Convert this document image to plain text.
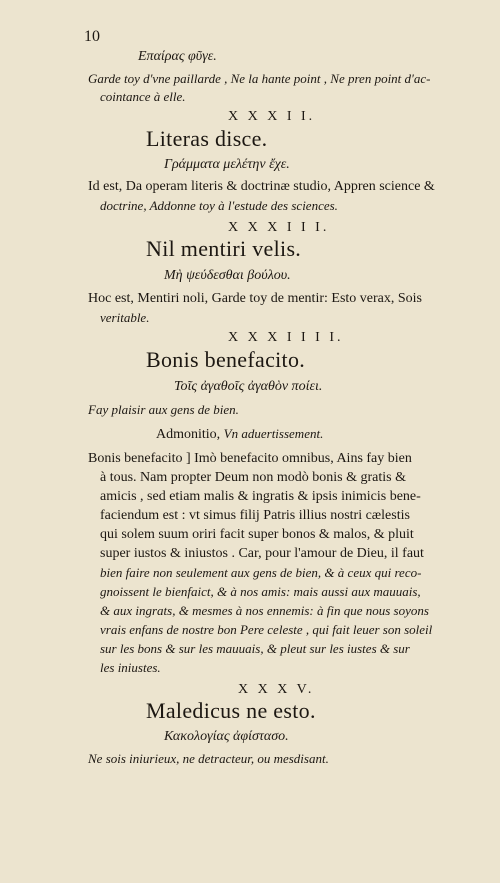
10
Επαίρας φῦγε.
Garde toy d'vne paillarde , Ne la hante point , Ne pren point d'ac-
cointance à elle.
X X X I I.
Literas disce.
Γράμματα μελέτην ἔχε.
Id est, Da operam literis & doctrinæ studio, Appren science &
doctrine, Addonne toy à l'estude des sciences.
X X X I I I.
Nil mentiri velis.
Μὴ ψεύδεσθαι βούλου.
Hoc est, Mentiri noli, Garde toy de mentir: Esto verax, Sois
veritable.
X X X I I I I.
Bonis benefacito.
Τοῖς ἀγαθοῖς ἀγαθὸν ποίει.
Fay plaisir aux gens de bien.
Admonitio, Vn aduertissement.
Bonis benefacito ] Imò benefacito omnibus, Ains fay bien
à tous. Nam propter Deum non modò bonis & gratis &
amicis , sed etiam malis & ingratis & ipsis inimicis bene-
faciendum est : vt simus filij Patris illius nostri cælestis
qui solem suum oriri facit super bonos & malos, & pluit
super iustos & iniustos . Car, pour l'amour de Dieu, il faut
bien faire non seulement aux gens de bien, & à ceux qui reco-
gnoissent le bienfaict, & à nos amis: mais aussi aux mauuais,
& aux ingrats, & mesmes à nos ennemis: à fin que nous soyons
vrais enfans de nostre bon Pere celeste , qui fait leuer son soleil
sur les bons & sur les mauuais, & pleut sur les iustes & sur
les iniustes.
X X X V.
Maledicus ne esto.
Κακολογίας ἀφίστασο.
Ne sois iniurieux, ne detracteur, ou mesdisant.
